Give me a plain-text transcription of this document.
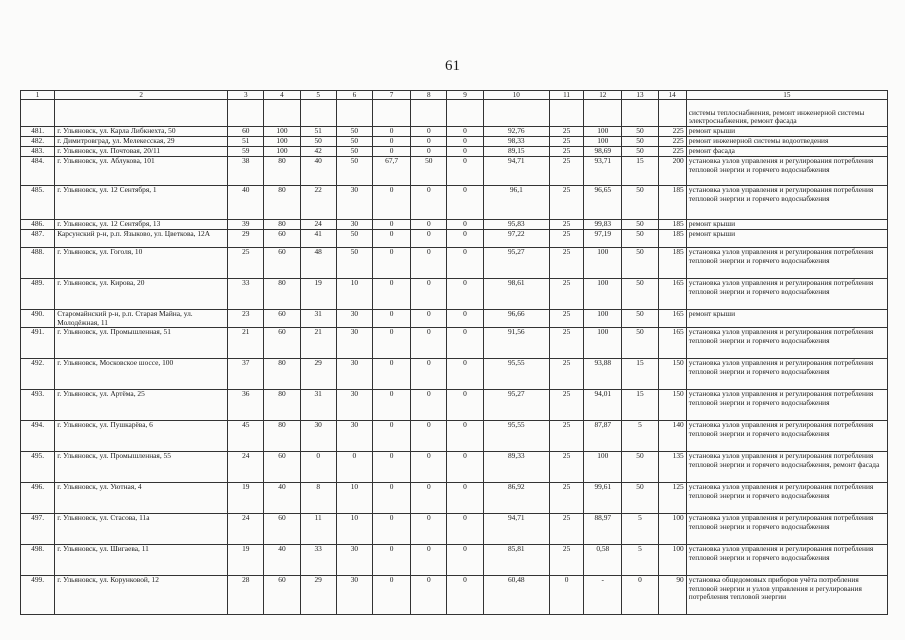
61
1	2	3	4	5	6	7	8	9	10	11	12	13	14	15
														системы теплоснабжения, ремонт инженерной системы электроснабжения, ремонт фасада
481.	г. Ульяновск, ул. Карла Либкнехта, 50	60	100	51	50	0	0	0	92,76	25	100	50	225	ремонт крыши
482.	г. Димитровград, ул. Мелекесская, 29	51	100	50	50	0	0	0	98,33	25	100	50	225	ремонт инженерной системы водоотведения
483.	г. Ульяновск, ул. Почтовая, 20/11	59	100	42	50	0	0	0	89,15	25	98,69	50	225	ремонт фасада
484.	г. Ульяновск, ул. Аблукова, 101	38	80	40	50	67,7	50	0	94,71	25	93,71	15	200	установка узлов управления и регулирования потребления тепловой энергии и горячего водоснабжения
485.	г. Ульяновск, ул. 12 Сентября, 1	40	80	22	30	0	0	0	96,1	25	96,65	50	185	установка узлов управления и регулирования потребления тепловой энергии и горячего водоснабжения
486.	г. Ульяновск, ул. 12 Сентября, 13	39	80	24	30	0	0	0	95,83	25	99,83	50	185	ремонт крыши
487.	Карсунский р-н, р.п. Языково, ул. Цветкова, 12А	29	60	41	50	0	0	0	97,22	25	97,19	50	185	ремонт крыши
488.	г. Ульяновск, ул. Гоголя, 10	25	60	48	50	0	0	0	95,27	25	100	50	185	установка узлов управления и регулирования потребления тепловой энергии и горячего водоснабжения
489.	г. Ульяновск, ул. Кирова, 20	33	80	19	10	0	0	0	98,61	25	100	50	165	установка узлов управления и регулирования потребления тепловой энергии и горячего водоснабжения
490.	Старомайнский р-н, р.п. Старая Майна, ул. Молодёжная, 11	23	60	31	30	0	0	0	96,66	25	100	50	165	ремонт крыши
491.	г. Ульяновск, ул. Промышленная, 51	21	60	21	30	0	0	0	91,56	25	100	50	165	установка узлов управления и регулирования потребления тепловой энергии и горячего водоснабжения
492.	г. Ульяновск, Московское шоссе, 100	37	80	29	30	0	0	0	95,55	25	93,88	15	150	установка узлов управления и регулирования потребления тепловой энергии и горячего водоснабжения
493.	г. Ульяновск, ул. Артёма, 25	36	80	31	30	0	0	0	95,27	25	94,01	15	150	установка узлов управления и регулирования потребления тепловой энергии и горячего водоснабжения
494.	г. Ульяновск, ул. Пушкарёва, 6	45	80	30	30	0	0	0	95,55	25	87,87	5	140	установка узлов управления и регулирования потребления тепловой энергии и горячего водоснабжения
495.	г. Ульяновск, ул. Промышленная, 55	24	60	0	0	0	0	0	89,33	25	100	50	135	установка узлов управления и регулирования потребления тепловой энергии и горячего водоснабжения, ремонт фасада
496.	г. Ульяновск, ул. Уютная, 4	19	40	8	10	0	0	0	86,92	25	99,61	50	125	установка узлов управления и регулирования потребления тепловой энергии и горячего водоснабжения
497.	г. Ульяновск, ул. Стасова, 11а	24	60	11	10	0	0	0	94,71	25	88,97	5	100	установка узлов управления и регулирования потребления тепловой энергии и горячего водоснабжения
498.	г. Ульяновск, ул. Шигаева, 11	19	40	33	30	0	0	0	85,81	25	0,58	5	100	установка узлов управления и регулирования потребления тепловой энергии и горячего водоснабжения
499.	г. Ульяновск, ул. Корунковой, 12	28	60	29	30	0	0	0	60,48	0	-	0	90	установка общедомовых приборов учёта потребления тепловой энергии и узлов управления и регулирования потребления тепловой энергии
